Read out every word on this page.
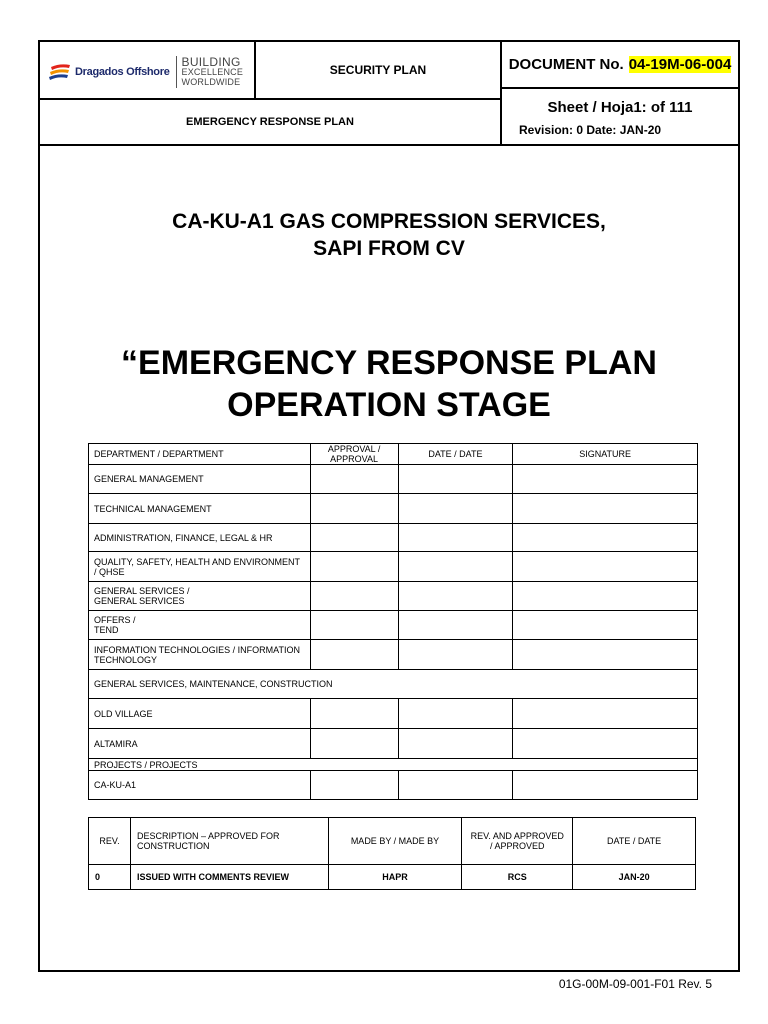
Dragados Offshore
BUILDING
EXCELLENCE
WORLDWIDE
SECURITY PLAN	DOCUMENT No. 04-19M-06-004
EMERGENCY RESPONSE PLAN
Sheet / Hoja1: of 111
Revision: 0 Date: JAN-20
CA-KU-A1 GAS COMPRESSION SERVICES,
SAPI FROM CV
“EMERGENCY RESPONSE PLAN
OPERATION STAGE
DEPARTMENT / DEPARTMENT	APPROVAL / APPROVAL	DATE / DATE	SIGNATURE
GENERAL MANAGEMENT			
TECHNICAL MANAGEMENT			
ADMINISTRATION, FINANCE, LEGAL & HR			
QUALITY, SAFETY, HEALTH AND ENVIRONMENT / QHSE			
GENERAL SERVICES /
GENERAL SERVICES			
OFFERS /
TEND			
INFORMATION TECHNOLOGIES / INFORMATION TECHNOLOGY			
GENERAL SERVICES, MAINTENANCE, CONSTRUCTION			
OLD VILLAGE			
ALTAMIRA			
PROJECTS / PROJECTS			
CA-KU-A1			
REV.	DESCRIPTION – APPROVED FOR CONSTRUCTION	MADE BY / MADE BY	REV. AND APPROVED / APPROVED	DATE / DATE
0	ISSUED WITH COMMENTS REVIEW	HAPR	RCS	JAN-20
01G-00M-09-001-F01 Rev. 5
